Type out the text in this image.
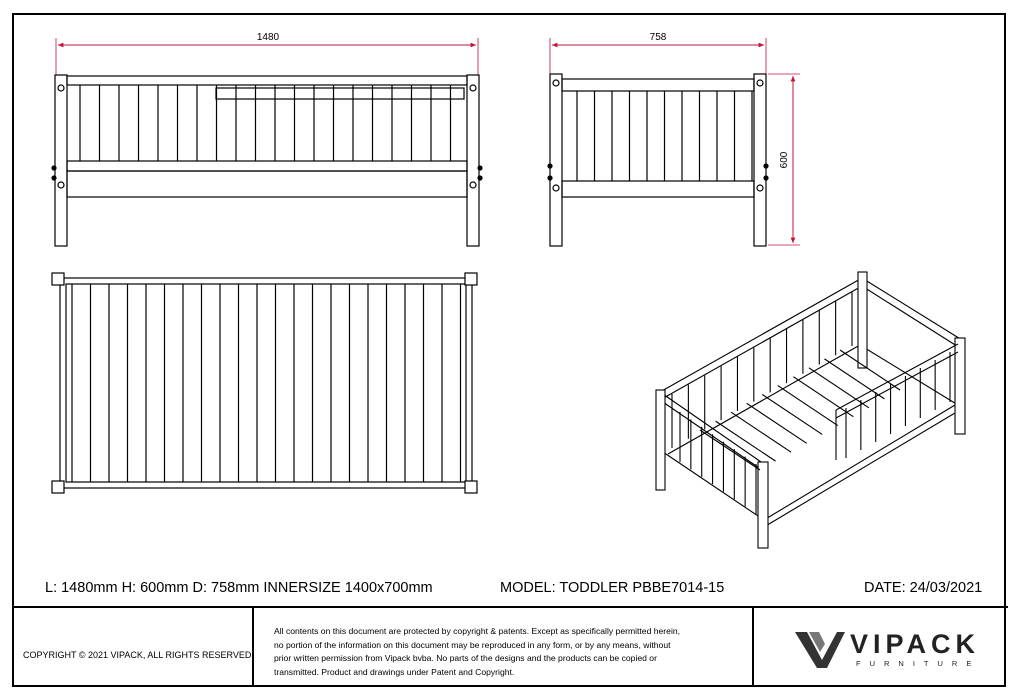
1480	758
600
L: 1480mm H: 600mm D: 758mm INNERSIZE 1400x700mm	MODEL: TODDLER PBBE7014-15	DATE: 24/03/2021
COPYRIGHT © 2021 VIPACK, ALL RIGHTS RESERVED

All contents on this document are protected by copyright & patents. Except as specifically permitted herein,

no portion of the information on this document may be reproduced in any form, or by any means, without

prior written permission from Vipack bvba. No parts of the designs and the products can be copied or

transmitted. Product and drawings under Patent and Copyright.

VIPACK
FURNITURE
